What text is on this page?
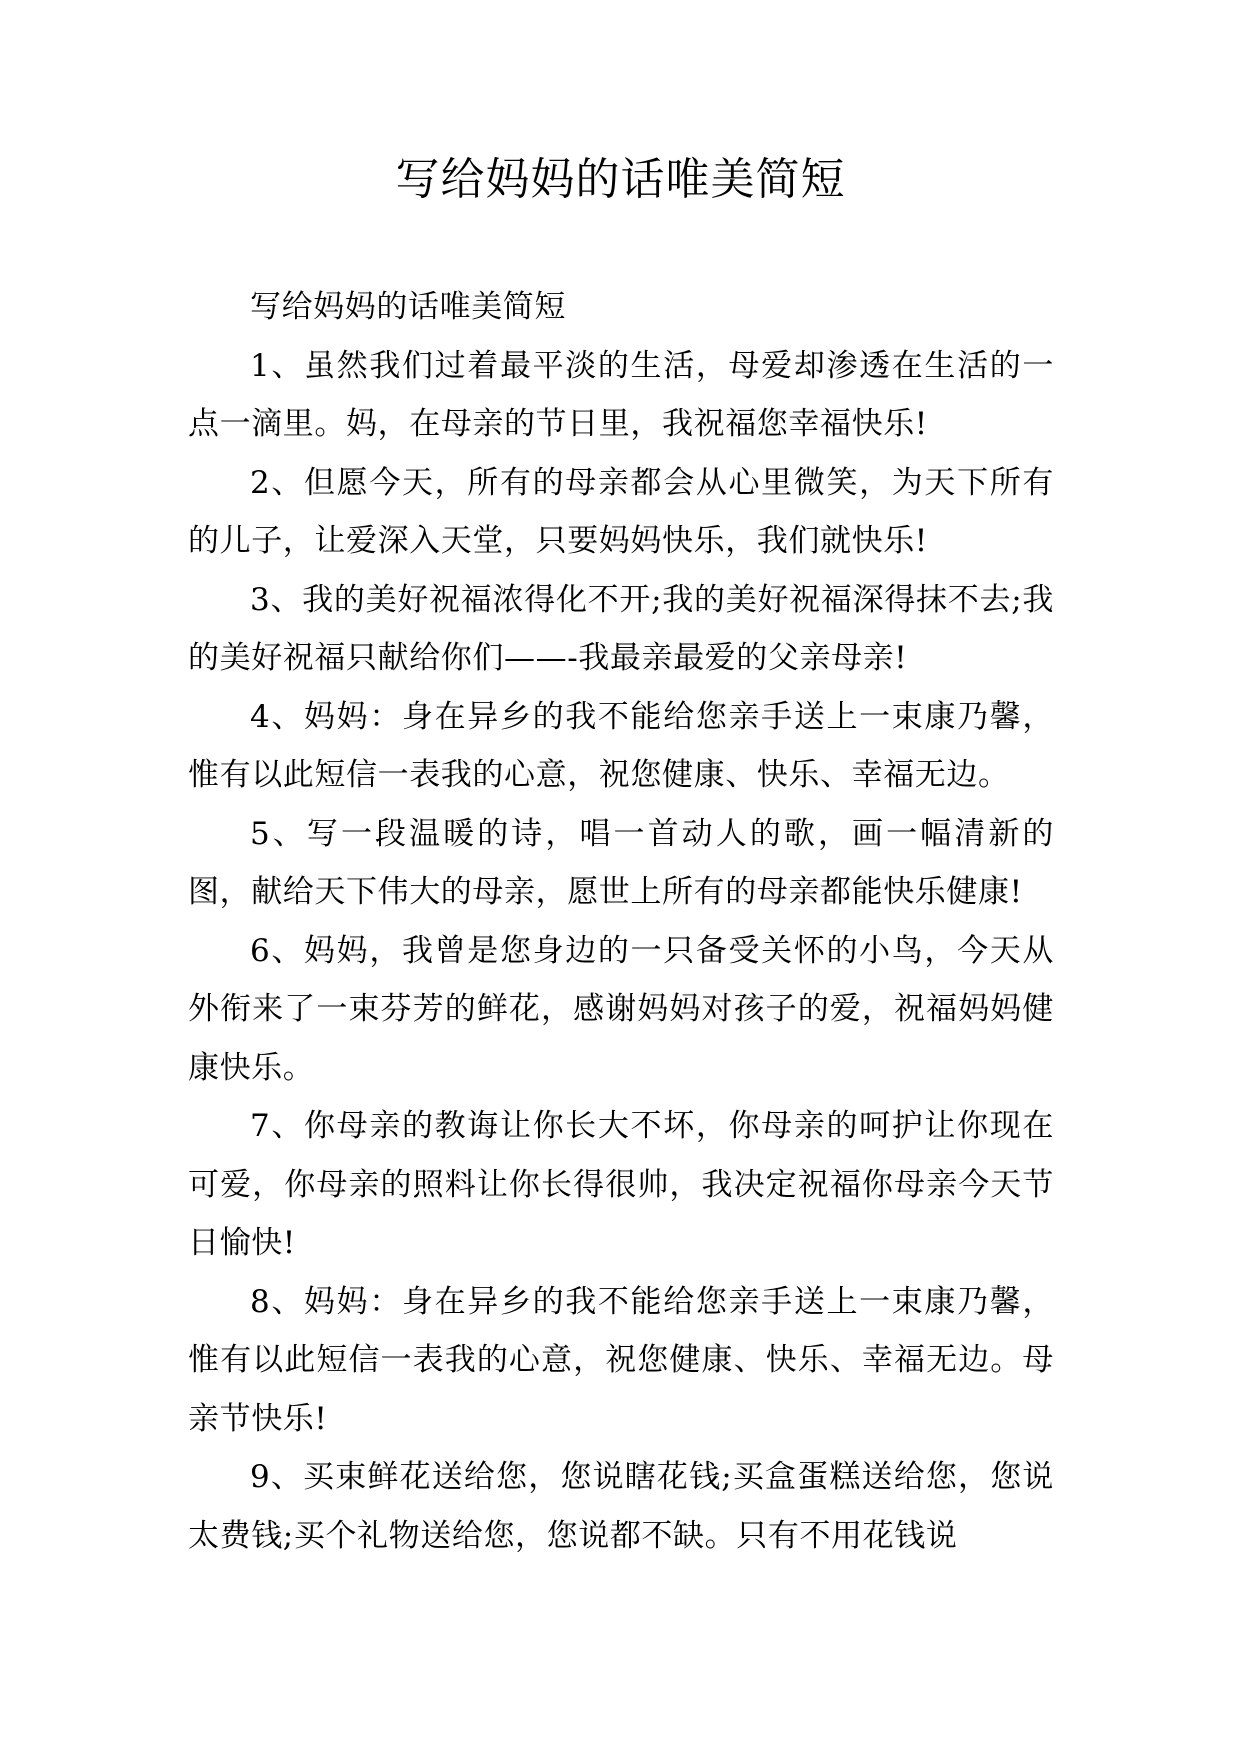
写给妈妈的话唯美简短

写给妈妈的话唯美简短

1、虽然我们过着最平淡的生活，母爱却渗透在生活的一点一滴里。妈，在母亲的节日里，我祝福您幸福快乐!

2、但愿今天，所有的母亲都会从心里微笑，为天下所有的儿子，让爱深入天堂，只要妈妈快乐，我们就快乐!

3、我的美好祝福浓得化不开;我的美好祝福深得抹不去;我的美好祝福只献给你们——-我最亲最爱的父亲母亲!

4、妈妈：身在异乡的我不能给您亲手送上一束康乃馨，惟有以此短信一表我的心意，祝您健康、快乐、幸福无边。

5、写一段温暖的诗，唱一首动人的歌，画一幅清新的图，献给天下伟大的母亲，愿世上所有的母亲都能快乐健康!

6、妈妈，我曾是您身边的一只备受关怀的小鸟，今天从外衔来了一束芬芳的鲜花，感谢妈妈对孩子的爱，祝福妈妈健康快乐。

7、你母亲的教诲让你长大不坏，你母亲的呵护让你现在可爱，你母亲的照料让你长得很帅，我决定祝福你母亲今天节日愉快!

8、妈妈：身在异乡的我不能给您亲手送上一束康乃馨，惟有以此短信一表我的心意，祝您健康、快乐、幸福无边。母亲节快乐!

9、买束鲜花送给您，您说瞎花钱;买盒蛋糕送给您，您说太费钱;买个礼物送给您，您说都不缺。只有不用花钱说
